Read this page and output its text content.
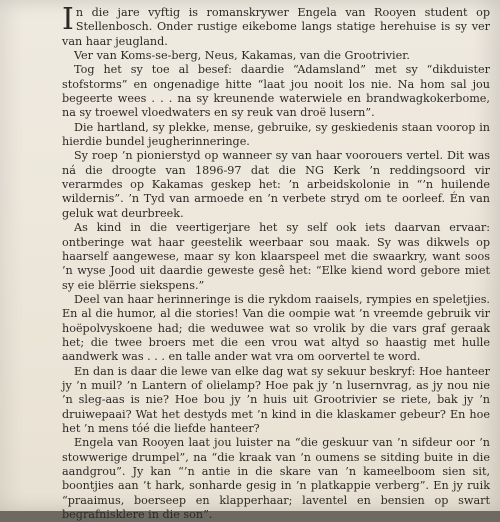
In die jare vyftig is romanskrywer Engela van Rooyen student op Stellenbosch. Onder rustige eikebome langs statige herehuise is sy ver van haar jeugland.

Ver van Koms-se-berg, Neus, Kakamas, van die Grootrivier.

Tog het sy toe al besef: daardie “Adamsland” met sy “dikduister stofstorms” en ongenadige hitte “laat jou nooit los nie. Na hom sal jou begeerte wees . . . na sy kreunende waterwiele en brandwagkokerbome, na sy troewel vloedwaters en sy reuk van droë lusern”.

Die hartland, sy plekke, mense, gebruike, sy geskiedenis staan voorop in hierdie bundel jeugherinneringe.

Sy roep ’n pionierstyd op wanneer sy van haar voorouers vertel. Dit was ná die droogte van 1896-97 dat die NG Kerk ’n reddingsoord vir verarmdes op Kakamas geskep het: ’n arbeidskolonie in “’n huilende wildernis”. ’n Tyd van armoede en ’n verbete stryd om te oorleef. Én van geluk wat deurbreek.

As kind in die veertigerjare het sy self ook iets daarvan ervaar: ontberinge wat haar geestelik weerbaar sou maak. Sy was dikwels op haarself aangewese, maar sy kon klaarspeel met die swaarkry, want soos ’n wyse Jood uit daardie geweste gesê het: “Elke kiend word gebore miet sy eie blërrie siekspens.”

Deel van haar herinneringe is die rykdom raaisels, rympies en speletjies. En al die humor, al die stories! Van die oompie wat ’n vreemde gebruik vir hoëpolvyskoene had; die weduwee wat so vrolik by die vars graf geraak het; die twee broers met die een vrou wat altyd so haastig met hulle aandwerk was . . . en talle ander wat vra om oorvertel te word.

En dan is daar die lewe van elke dag wat sy sekuur beskryf: Hoe hanteer jy ’n muil? ’n Lantern of olielamp? Hoe pak jy ’n lusernvrag, as jy nou nie ’n sleg-aas is nie? Hoe bou jy ’n huis uit Grootrivier se riete, bak jy ’n druiwepaai? Wat het destyds met ’n kind in die klaskamer gebeur? En hoe het ’n mens tóé die liefde hanteer?

Engela van Rooyen laat jou luister na “die geskuur van ’n sifdeur oor ’n stowwerige drumpel”, na “die kraak van ’n oumens se sitding buite in die aandgrou”. Jy kan “’n antie in die skare van ’n kameelboom sien sit, boontjies aan ’t hark, sonharde gesig in ’n platkappie verberg”. En jy ruik “praaimus, boerseep en klapperhaar; laventel en bensien op swart begrafnisklere in die son”.
